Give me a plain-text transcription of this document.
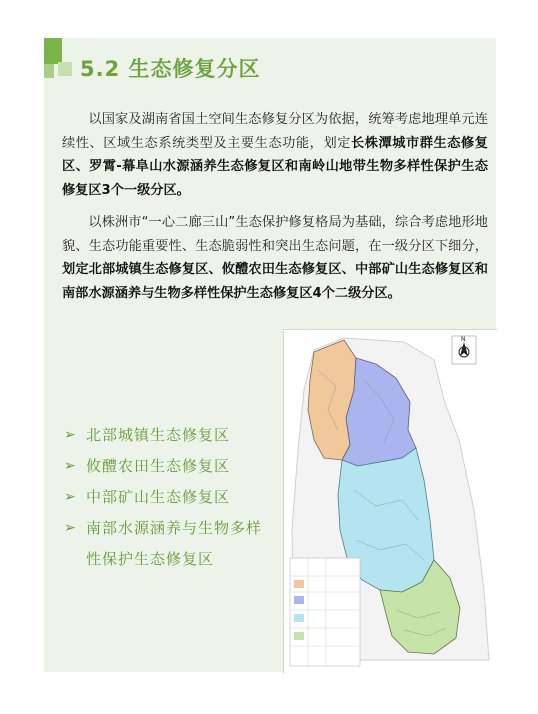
5.2 生态修复分区

以国家及湖南省国土空间生态修复分区为依据，统筹考虑地理单元连续性、区域生态系统类型及主要生态功能，划定长株潭城市群生态修复区、罗霄-幕阜山水源涵养生态修复区和南岭山地带生物多样性保护生态修复区3个一级分区。

以株洲市“一心二廊三山”生态保护修复格局为基础，综合考虑地形地貌、生态功能重要性、生态脆弱性和突出生态问题，在一级分区下细分，划定北部城镇生态修复区、攸醴农田生态修复区、中部矿山生态修复区和南部水源涵养与生物多样性保护生态修复区4个二级分区。

➢ 北部城镇生态修复区
➢ 攸醴农田生态修复区
➢ 中部矿山生态修复区
➢ 南部水源涵养与生物多样性保护生态修复区
N
